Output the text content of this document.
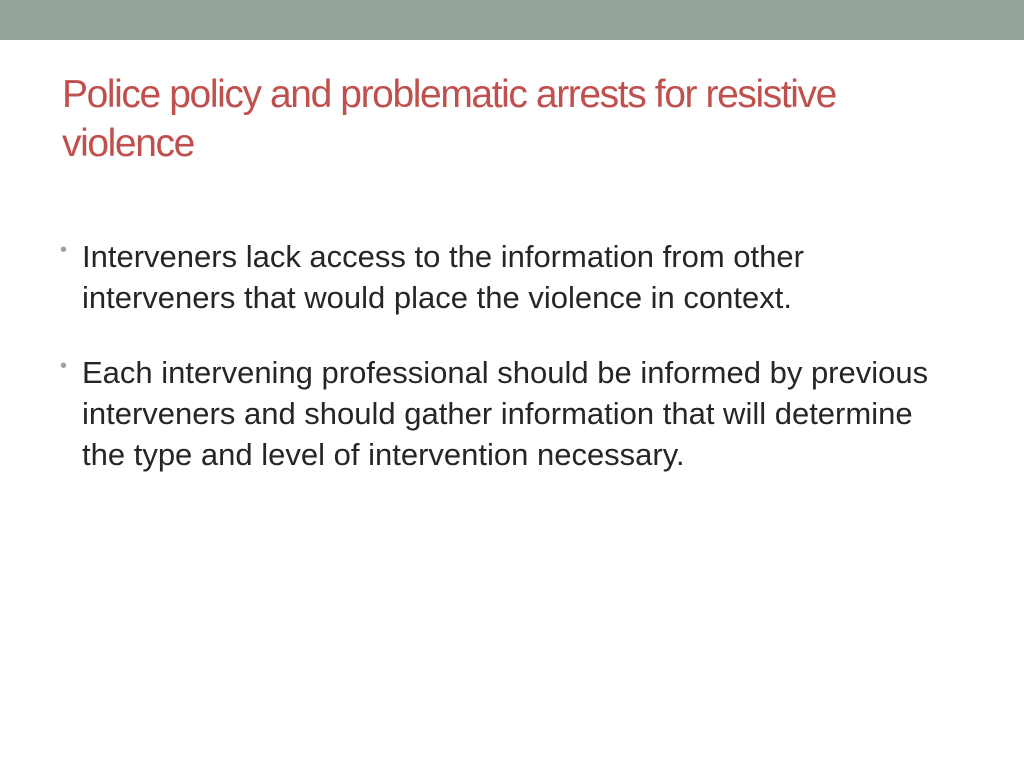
Police policy and problematic arrests for resistive violence
• Interveners lack access to the information from other interveners that would place the violence in context.
• Each intervening professional should be informed by previous interveners and should gather information that will determine the type and level of intervention necessary.
